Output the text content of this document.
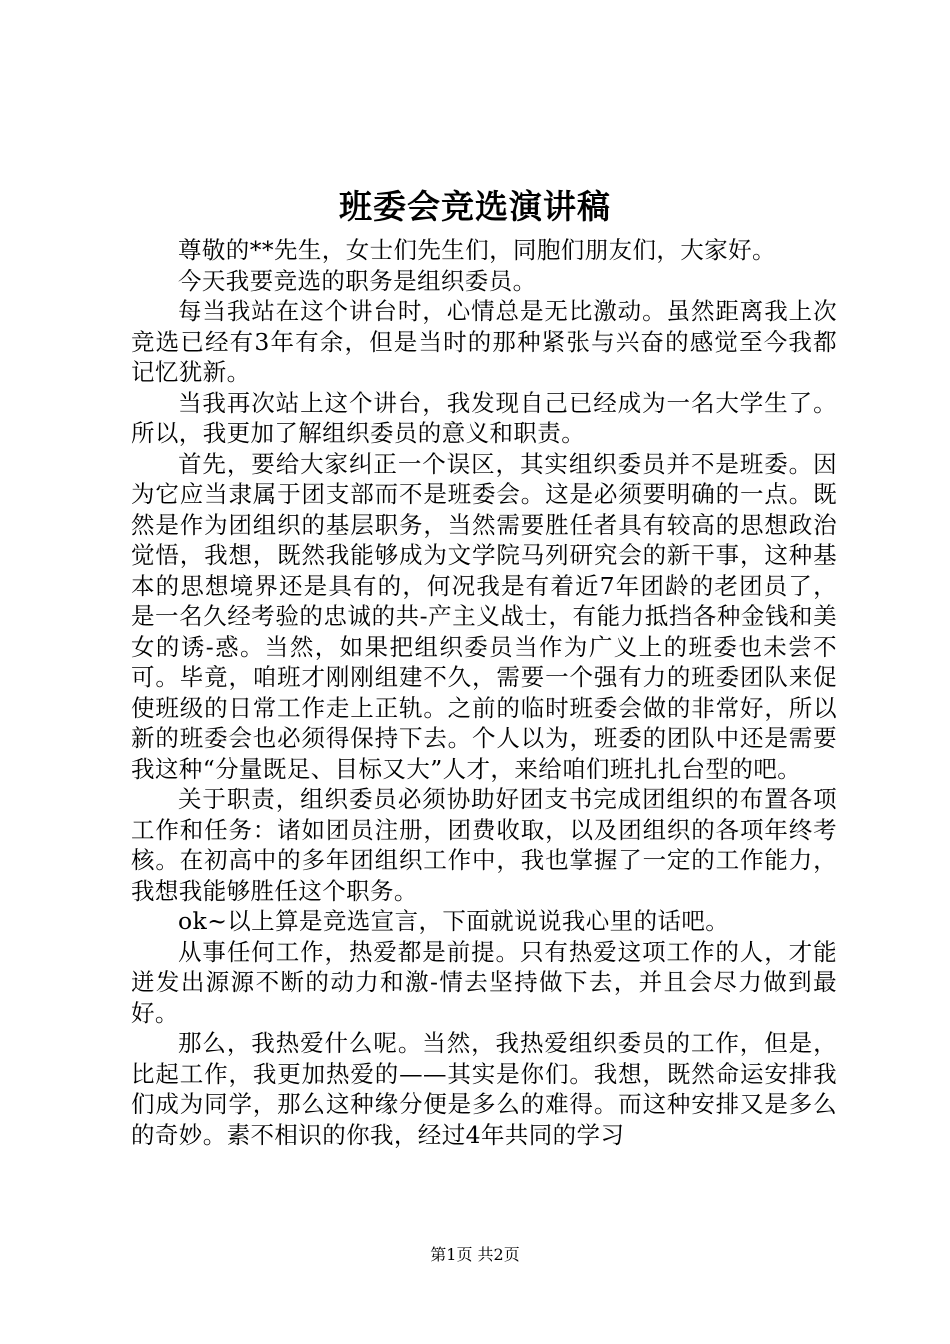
班委会竞选演讲稿

尊敬的**先生，女士们先生们，同胞们朋友们，大家好。

今天我要竞选的职务是组织委员。

每当我站在这个讲台时，心情总是无比激动。虽然距离我上次竞选已经有3年有余，但是当时的那种紧张与兴奋的感觉至今我都记忆犹新。

当我再次站上这个讲台，我发现自己已经成为一名大学生了。所以，我更加了解组织委员的意义和职责。

首先，要给大家纠正一个误区，其实组织委员并不是班委。因为它应当隶属于团支部而不是班委会。这是必须要明确的一点。既然是作为团组织的基层职务，当然需要胜任者具有较高的思想政治觉悟，我想，既然我能够成为文学院马列研究会的新干事，这种基本的思想境界还是具有的，何况我是有着近7年团龄的老团员了，是一名久经考验的忠诚的共-产主义战士，有能力抵挡各种金钱和美女的诱-惑。当然，如果把组织委员当作为广义上的班委也未尝不可。毕竟，咱班才刚刚组建不久，需要一个强有力的班委团队来促使班级的日常工作走上正轨。之前的临时班委会做的非常好，所以新的班委会也必须得保持下去。个人以为，班委的团队中还是需要我这种“分量既足、目标又大”人才，来给咱们班扎扎台型的吧。

关于职责，组织委员必须协助好团支书完成团组织的布置各项工作和任务：诸如团员注册，团费收取，以及团组织的各项年终考核。在初高中的多年团组织工作中，我也掌握了一定的工作能力，我想我能够胜任这个职务。

ok~以上算是竞选宣言，下面就说说我心里的话吧。

从事任何工作，热爱都是前提。只有热爱这项工作的人，才能迸发出源源不断的动力和激-情去坚持做下去，并且会尽力做到最好。

那么，我热爱什么呢。当然，我热爱组织委员的工作，但是，比起工作，我更加热爱的——其实是你们。我想，既然命运安排我们成为同学，那么这种缘分便是多么的难得。而这种安排又是多么的奇妙。素不相识的你我，经过4年共同的学习

第1页 共2页
